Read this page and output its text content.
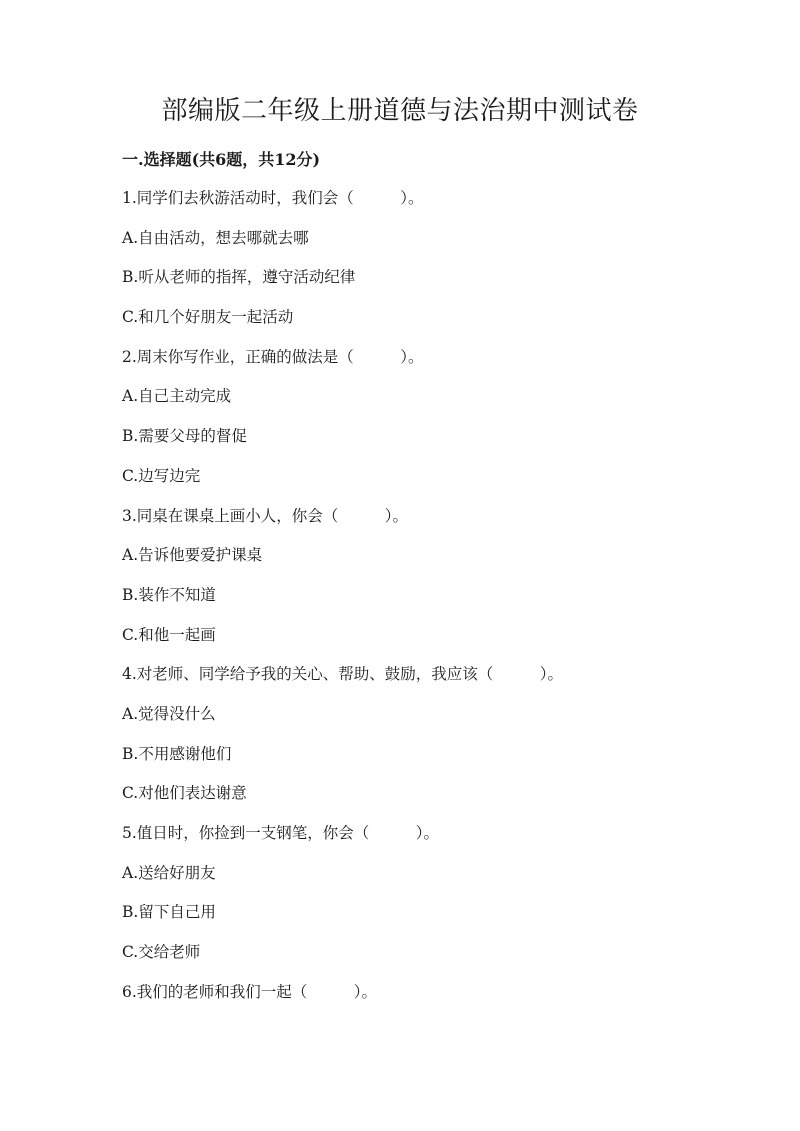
部编版二年级上册道德与法治期中测试卷
一.选择题(共6题，共12分)
1.同学们去秋游活动时，我们会（　　　）。
A.自由活动，想去哪就去哪
B.听从老师的指挥，遵守活动纪律
C.和几个好朋友一起活动
2.周末你写作业，正确的做法是（　　　）。
A.自己主动完成
B.需要父母的督促
C.边写边完
3.同桌在课桌上画小人，你会（　　　）。
A.告诉他要爱护课桌
B.装作不知道
C.和他一起画
4.对老师、同学给予我的关心、帮助、鼓励，我应该（　　　）。
A.觉得没什么
B.不用感谢他们
C.对他们表达谢意
5.值日时，你捡到一支钢笔，你会（　　　）。
A.送给好朋友
B.留下自己用
C.交给老师
6.我们的老师和我们一起（　　　）。
